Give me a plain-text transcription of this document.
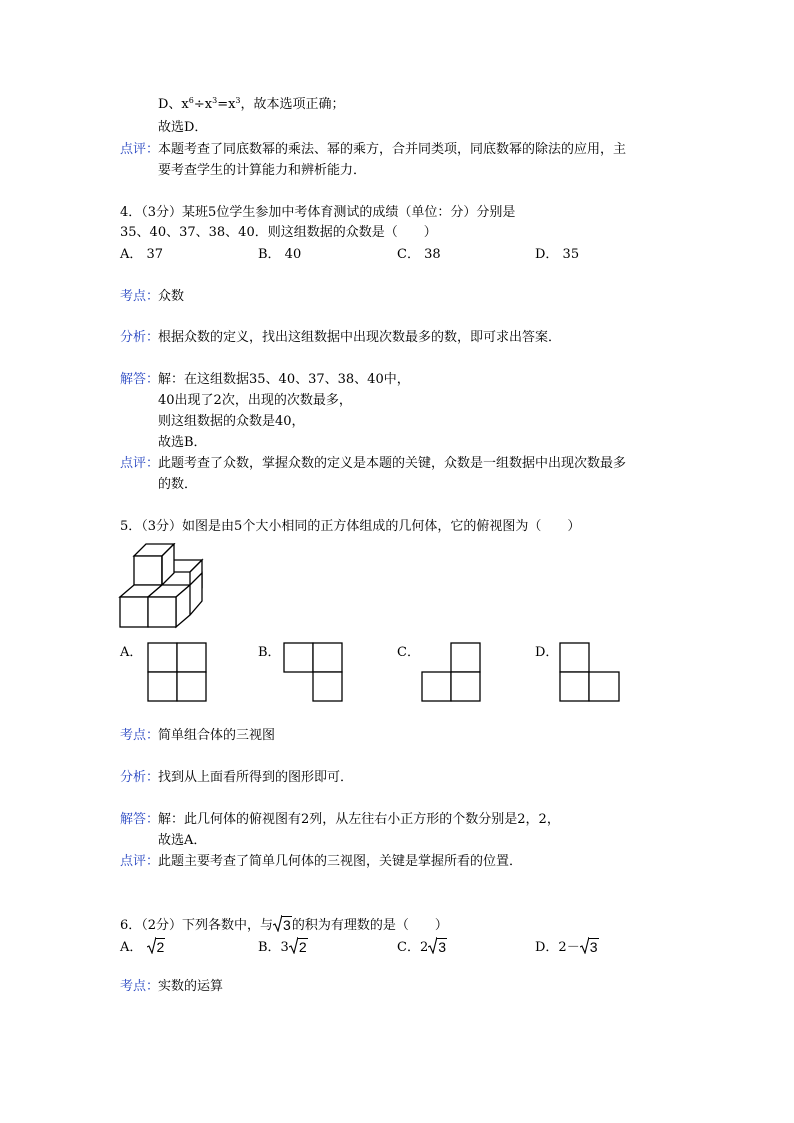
D、$x^6\div x^3=x^3$，故本选项正确；
故选D．
点评：
本题考查了同底数幂的乘法、幂的乘方，合并同类项，同底数幂的除法的应用，主
要考查学生的计算能力和辨析能力．
4．（3分）某班5位学生参加中考体育测试的成绩（单位：分）分别是
35、40、37、38、40．则这组数据的众数是（　　）
A． 37	B． 40	C． 38	D． 35
考点：
众数
分析：
根据众数的定义，找出这组数据中出现次数最多的数，即可求出答案．
解答：
解：在这组数据35、40、37、38、40中，
40出现了2次，出现的次数最多，
则这组数据的众数是40，
故选B．
点评：
此题考查了众数，掌握众数的定义是本题的关键，众数是一组数据中出现次数最多
的数．
5．（3分）如图是由5个大小相同的正方体组成的几何体，它的俯视图为（　　）
A．	B．	C．	D．
考点：
简单组合体的三视图
分析：
找到从上面看所得到的图形即可．
解答：
解：此几何体的俯视图有2列，从左往右小正方形的个数分别是2，2，
故选A．
点评：
此题主要考查了简单几何体的三视图，关键是掌握所看的位置．
6．（2分）下列各数中，与 3 的积为有理数的是（　　）
A． 2	B．3 2	C．2 3	D．2－ 3
考点：
实数的运算
